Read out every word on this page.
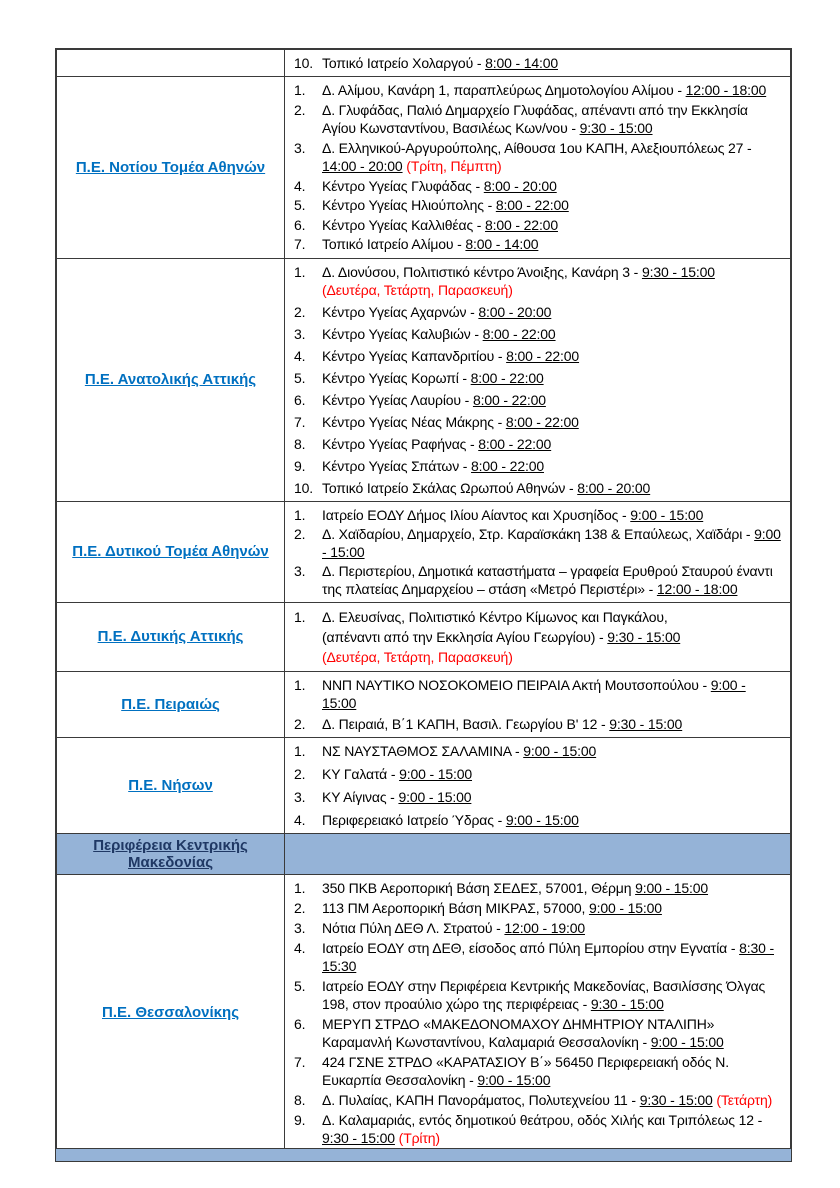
10. Τοπικό Ιατρείο Χολαργού - 8:00 - 14:00
Π.Ε. Νοτίου Τομέα Αθηνών
1.	Δ. Αλίμου, Κανάρη 1, παραπλεύρως Δημοτολογίου Αλίμου - 12:00 - 18:00
2.	Δ. Γλυφάδας, Παλιό Δημαρχείο Γλυφάδας, απέναντι από την Εκκλησία Αγίου Κωνσταντίνου, Βασιλέως Κων/νου - 9:30 - 15:00
3.	Δ. Ελληνικού-Αργυρούπολης, Αίθουσα 1ου ΚΑΠΗ, Αλεξιουπόλεως 27 - 14:00 - 20:00 (Τρίτη, Πέμπτη)
4.	Κέντρο Υγείας Γλυφάδας - 8:00 - 20:00
5.	Κέντρο Υγείας Ηλιούπολης - 8:00 - 22:00
6.	Κέντρο Υγείας Καλλιθέας - 8:00 - 22:00
7.	Τοπικό Ιατρείο Αλίμου - 8:00 - 14:00
Π.Ε. Ανατολικής Αττικής
1.	Δ. Διονύσου, Πολιτιστικό κέντρο Άνοιξης, Κανάρη 3 - 9:30 - 15:00
(Δευτέρα, Τετάρτη, Παρασκευή)
2.	Κέντρο Υγείας Αχαρνών - 8:00 - 20:00
3.	Κέντρο Υγείας Καλυβιών - 8:00 - 22:00
4.	Κέντρο Υγείας Καπανδριτίου - 8:00 - 22:00
5.	Κέντρο Υγείας Κορωπί - 8:00 - 22:00
6.	Κέντρο Υγείας Λαυρίου - 8:00 - 22:00
7.	Κέντρο Υγείας Νέας Μάκρης - 8:00 - 22:00
8.	Κέντρο Υγείας Ραφήνας - 8:00 - 22:00
9.	Κέντρο Υγείας Σπάτων - 8:00 - 22:00
10. Τοπικό Ιατρείο Σκάλας Ωρωπού Αθηνών - 8:00 - 20:00
Π.Ε. Δυτικού Τομέα Αθηνών
1.	Ιατρείο ΕΟΔΥ Δήμος Ιλίου Αίαντος και Χρυσηίδος - 9:00 - 15:00
2.	Δ. Χαϊδαρίου, Δημαρχείο, Στρ. Καραϊσκάκη 138 & Επαύλεως, Χαϊδάρι - 9:00 - 15:00
3.	Δ. Περιστερίου, Δημοτικά καταστήματα – γραφεία Ερυθρού Σταυρού έναντι της πλατείας Δημαρχείου – στάση «Μετρό Περιστέρι» - 12:00 - 18:00
Π.Ε. Δυτικής Αττικής
1.	Δ. Ελευσίνας, Πολιτιστικό Κέντρο Κίμωνος και Παγκάλου,
(απέναντι από την Εκκλησία Αγίου Γεωργίου) - 9:30 - 15:00
(Δευτέρα, Τετάρτη, Παρασκευή)
Π.Ε. Πειραιώς
1.	ΝΝΠ ΝΑΥΤΙΚΟ ΝΟΣΟΚΟΜΕΙΟ ΠΕΙΡΑΙΑ Ακτή Μουτσοπούλου - 9:00 - 15:00
2.	Δ. Πειραιά, Β΄1 ΚΑΠΗ, Βασιλ. Γεωργίου Β' 12 - 9:30 - 15:00
Π.Ε. Νήσων
1.	ΝΣ ΝΑΥΣΤΑΘΜΟΣ ΣΑΛΑΜΙΝΑ - 9:00 - 15:00
2.	ΚΥ Γαλατά - 9:00 - 15:00
3.	ΚΥ Αίγινας - 9:00 - 15:00
4.	Περιφερειακό Ιατρείο Ύδρας - 9:00 - 15:00
Περιφέρεια Κεντρικής Μακεδονίας
Π.Ε. Θεσσαλονίκης
1.	350 ΠΚΒ Αεροπορική Βάση ΣΕΔΕΣ, 57001, Θέρμη 9:00 - 15:00
2.	113 ΠΜ Αεροπορική Βάση ΜΙΚΡΑΣ, 57000, 9:00 - 15:00
3.	Νότια Πύλη ΔΕΘ Λ. Στρατού - 12:00 - 19:00
4.	Ιατρείο ΕΟΔΥ στη ΔΕΘ, είσοδος από Πύλη Εμπορίου στην Εγνατία - 8:30 - 15:30
5.	Ιατρείο ΕΟΔΥ στην Περιφέρεια Κεντρικής Μακεδονίας, Βασιλίσσης Όλγας 198, στον προαύλιο χώρο της περιφέρειας - 9:30 - 15:00
6.	ΜΕΡΥΠ ΣΤΡΔΟ «ΜΑΚΕΔΟΝΟΜΑΧΟΥ ΔΗΜΗΤΡΙΟΥ ΝΤΑΛΙΠΗ»
Καραμανλή Κωνσταντίνου, Καλαμαριά Θεσσαλονίκη - 9:00 - 15:00
7.	424 ΓΣΝΕ ΣΤΡΔΟ «ΚΑΡΑΤΑΣΙΟΥ Β΄» 56450 Περιφερειακή οδός Ν. Ευκαρπία Θεσσαλονίκη - 9:00 - 15:00
8.	Δ. Πυλαίας, ΚΑΠΗ Πανοράματος, Πολυτεχνείου 11 - 9:30 - 15:00 (Τετάρτη)
9.	Δ. Καλαμαριάς, εντός δημοτικού θεάτρου, οδός Χιλής και Τριπόλεως 12 - 9:30 - 15:00 (Τρίτη)
